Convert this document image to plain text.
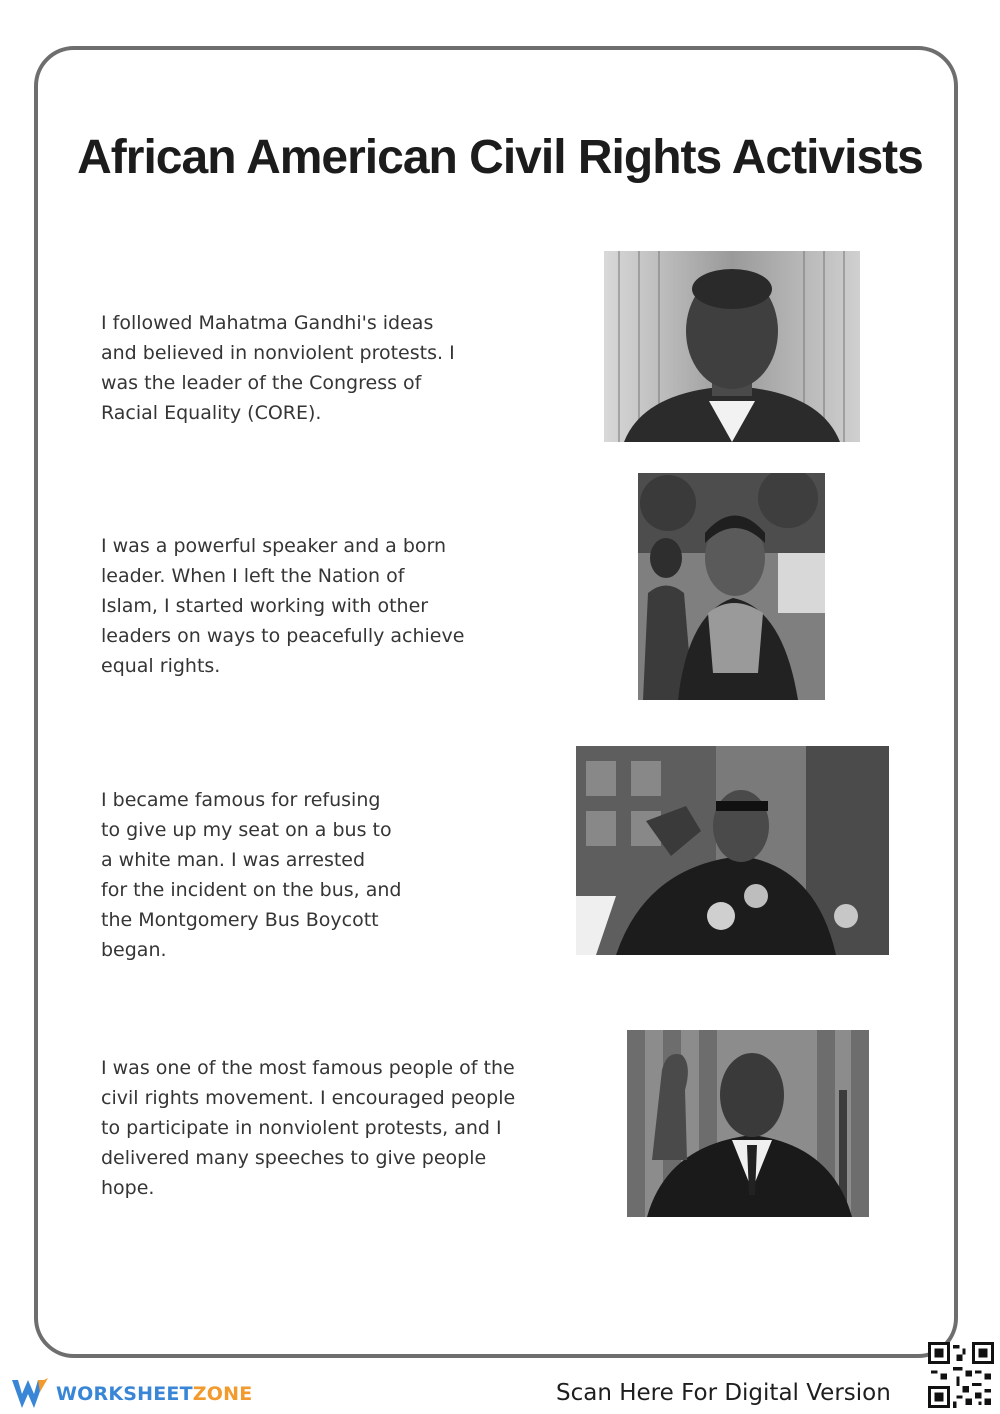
African American Civil Rights Activists

I followed Mahatma Gandhi's ideas
and believed in nonviolent protests. I
was the leader of the Congress of
Racial Equality (CORE).

I was a powerful speaker and a born
leader. When I left the Nation of
Islam, I started working with other
leaders on ways to peacefully achieve
equal rights.

I became famous for refusing
to give up my seat on a bus to
a white man. I was arrested
for the incident on the bus, and
the Montgomery Bus Boycott
began.

I was one of the most famous people of the
civil rights movement. I encouraged people
to participate in nonviolent protests, and I
delivered many speeches to give people
hope.

WORKSHEETZONE	Scan Here For Digital Version
